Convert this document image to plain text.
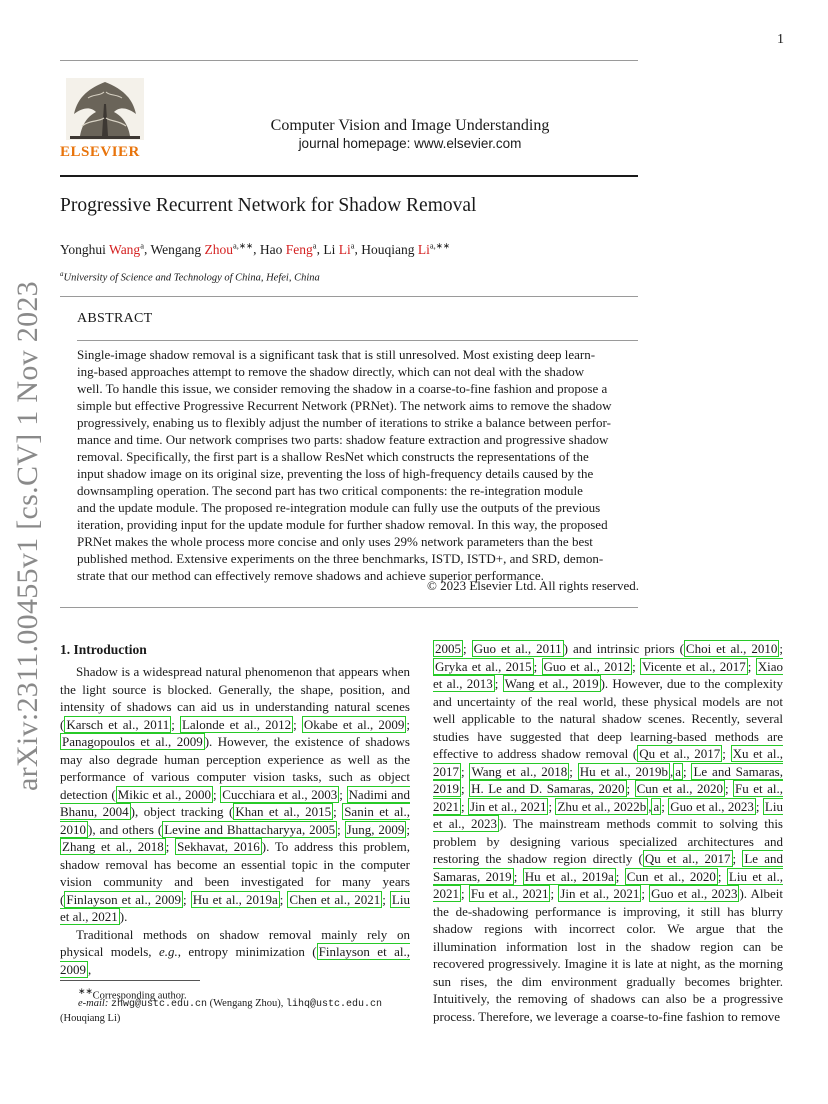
1
arXiv:2311.00455v1 [cs.CV] 1 Nov 2023
ELSEVIER
Computer Vision and Image Understanding
journal homepage: www.elsevier.com
Progressive Recurrent Network for Shadow Removal
Yonghui Wang$^a$, Wengang Zhou$^{a,∗∗}$, Hao Feng$^a$, Li Li$^a$, Houqiang $Li^{a,∗∗}$
$^a$University of Science and Technology of China, Hefei, China
ABSTRACT
Single-image shadow removal is a significant task that is still unresolved. Most existing deep learn-
ing-based approaches attempt to remove the shadow directly, which can not deal with the shadow
well. To handle this issue, we consider removing the shadow in a coarse-to-fine fashion and propose a
simple but effective Progressive Recurrent Network (PRNet). The network aims to remove the shadow
progressively, enabing us to flexibly adjust the number of iterations to strike a balance between perfor-
mance and time. Our network comprises two parts: shadow feature extraction and progressive shadow
removal. Specifically, the first part is a shallow ResNet which constructs the representations of the
input shadow image on its original size, preventing the loss of high-frequency details caused by the
downsampling operation. The second part has two critical components: the re-integration module
and the update module. The proposed re-integration module can fully use the outputs of the previous
iteration, providing input for the update module for further shadow removal. In this way, the proposed
PRNet makes the whole process more concise and only uses 29% network parameters than the best
published method. Extensive experiments on the three benchmarks, ISTD, ISTD+, and SRD, demon-
strate that our method can effectively remove shadows and achieve superior performance.
© 2023 Elsevier Ltd. All rights reserved.
1. Introduction

Shadow is a widespread natural phenomenon that appears when the light source is blocked. Generally, the shape, position, and intensity of shadows can aid us in understanding natural scenes ( Karsch et al., 2011 ; Lalonde et al., 2012 ; Okabe et al., 2009 ; Panagopoulos et al., 2009 ). However, the existence of shadows may also degrade human perception experience as well as the performance of various computer vision tasks, such as object detection ( Mikic et al., 2000 ; Cucchiara et al., 2003 ; Nadimi and Bhanu, 2004 ), object tracking ( Khan et al., 2015 ; Sanin et al., 2010 ), and others ( Levine and Bhattacharyya, 2005 ; Jung, 2009 ; Zhang et al., 2018 ; Sekhavat, 2016 ). To address this problem, shadow removal has become an essential topic in the computer vision community and been investigated for many years ( Finlayson et al., 2009 ; Hu et al., 2019a ; Chen et al., 2021 ; Liu et al., 2021 ).

Traditional methods on shadow removal mainly rely on physical models, e.g., entropy minimization ( Finlayson et al., 2009 ,

2005 ; Guo et al., 2011 ) and intrinsic priors ( Choi et al., 2010 ; Gryka et al., 2015 ; Guo et al., 2012 ; Vicente et al., 2017 ; Xiao et al., 2013 ; Wang et al., 2019 ). However, due to the complexity and uncertainty of the real world, these physical models are not well applicable to the natural shadow scenes. Recently, several studies have suggested that deep learning-based methods are effective to address shadow removal ( Qu et al., 2017 ; Xu et al., 2017 ; Wang et al., 2018 ; Hu et al., 2019b , a ; Le and Samaras, 2019 ; H. Le and D. Samaras, 2020 ; Cun et al., 2020 ; Fu et al., 2021 ; Jin et al., 2021 ; Zhu et al., 2022b , a ; Guo et al., 2023 ; Liu et al., 2023 ). The mainstream methods commit to solving this problem by designing various specialized architectures and restoring the shadow region directly ( Qu et al., 2017 ; Le and Samaras, 2019 ; Hu et al., 2019a ; Cun et al., 2020 ; Liu et al., 2021 ; Fu et al., 2021 ; Jin et al., 2021 ; Guo et al., 2023 ). Albeit the de-shadowing performance is improving, it still has blurry shadow regions with incorrect color. We argue that the illumination information lost in the shadow region can be recovered progressively. Imagine it is late at night, as the morning sun rises, the dim environment gradually becomes brighter. Intuitively, the removing of shadows can also be a progressive process. Therefore, we leverage a coarse-to-fine fashion to remove

∗∗Corresponding author.
e-mail: zhwg@ustc.edu.cn (Wengang Zhou), lihq@ustc.edu.cn
(Houqiang Li)
